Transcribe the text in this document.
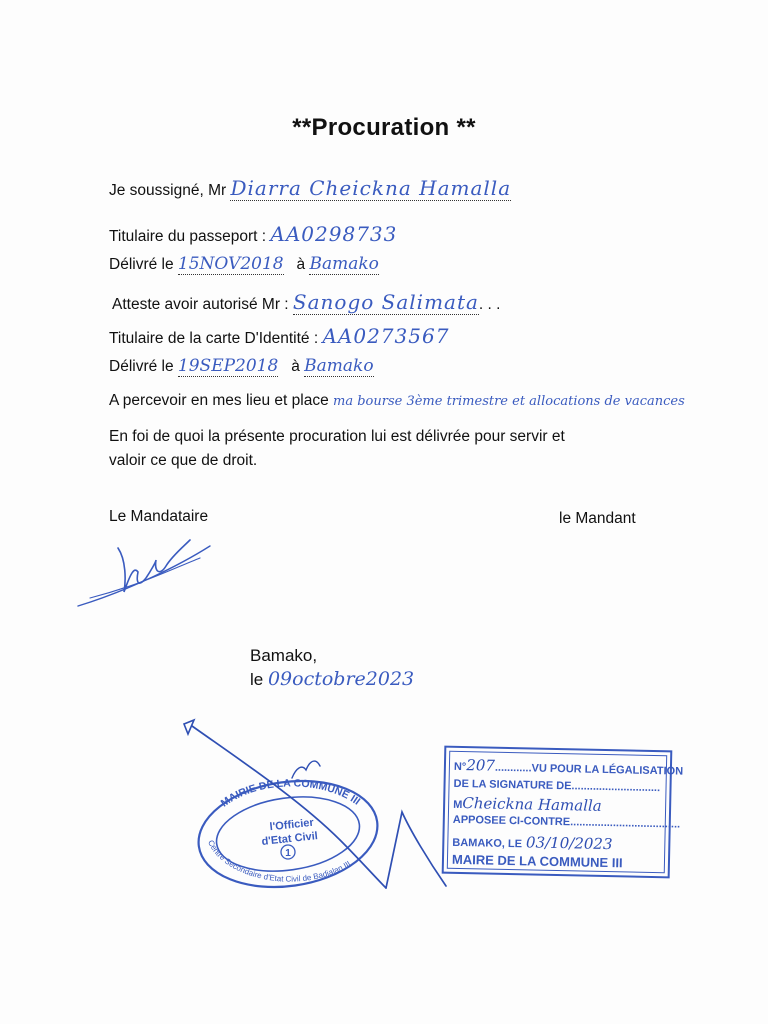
**Procuration **
Je soussigné, Mr Diarra Cheickna Hamalla
Titulaire du passeport : AA0298733
Délivré le 15NOV2018 à Bamako
Atteste avoir autorisé Mr : Sanogo Salimata. . .
Titulaire de la carte D'Identité : AA0273567
Délivré le 19SEP2018 à Bamako
A percevoir en mes lieu et place ma bourse 3ème trimestre et allocations de vacances
En foi de quoi la présente procuration lui est délivrée pour servir et
valoir ce que de droit.
Le Mandataire	le Mandant
Bamako,
le 09octobre2023
MAIRIE DE LA COMMUNE III
Centre Secondaire d'Etat Civil de Badialan III
l'Officier
d'Etat Civil
1
N°207............VU POUR LA LÉGALISATION
DE LA SIGNATURE DE.............................
MCheickna Hamalla
APPOSEE CI-CONTRE....................................
BAMAKO, LE 03/10/2023
MAIRE DE LA COMMUNE III
